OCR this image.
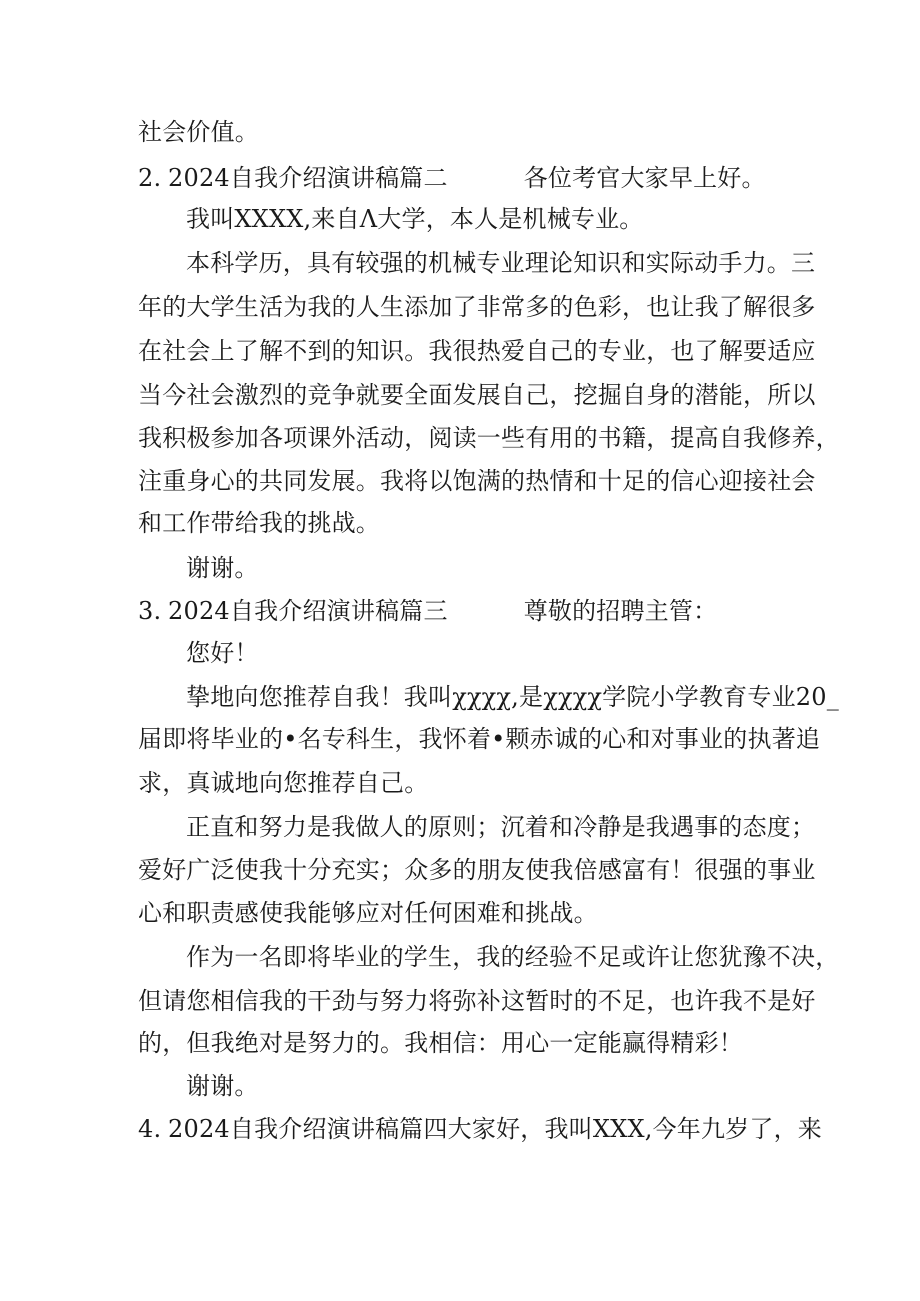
社会价值。
2. 2024自我介绍演讲稿篇二	各位考官大家早上好。
我叫XXXX,来自Λ大学，本人是机械专业。
本科学历，具有较强的机械专业理论知识和实际动手力。三
年的大学生活为我的人生添加了非常多的色彩，也让我了解很多
在社会上了解不到的知识。我很热爱自己的专业，也了解要适应
当今社会激烈的竞争就要全面发展自己，挖掘自身的潜能，所以
我积极参加各项课外活动，阅读一些有用的书籍，提高自我修养，
注重身心的共同发展。我将以饱满的热情和十足的信心迎接社会
和工作带给我的挑战。
谢谢。
3. 2024自我介绍演讲稿篇三	尊敬的招聘主管：
您好！
挚地向您推荐自我！我叫χχχχ,是χχχχ学院小学教育专业20_
届即将毕业的•名专科生，我怀着•颗赤诚的心和对事业的执著追
求，真诚地向您推荐自己。
正直和努力是我做人的原则；沉着和冷静是我遇事的态度；
爱好广泛使我十分充实；众多的朋友使我倍感富有！很强的事业
心和职责感使我能够应对任何困难和挑战。
作为一名即将毕业的学生，我的经验不足或许让您犹豫不决，
但请您相信我的干劲与努力将弥补这暂时的不足，也许我不是好
的，但我绝对是努力的。我相信：用心一定能赢得精彩！
谢谢。
4. 2024自我介绍演讲稿篇四大家好，我叫XXX,今年九岁了，来
